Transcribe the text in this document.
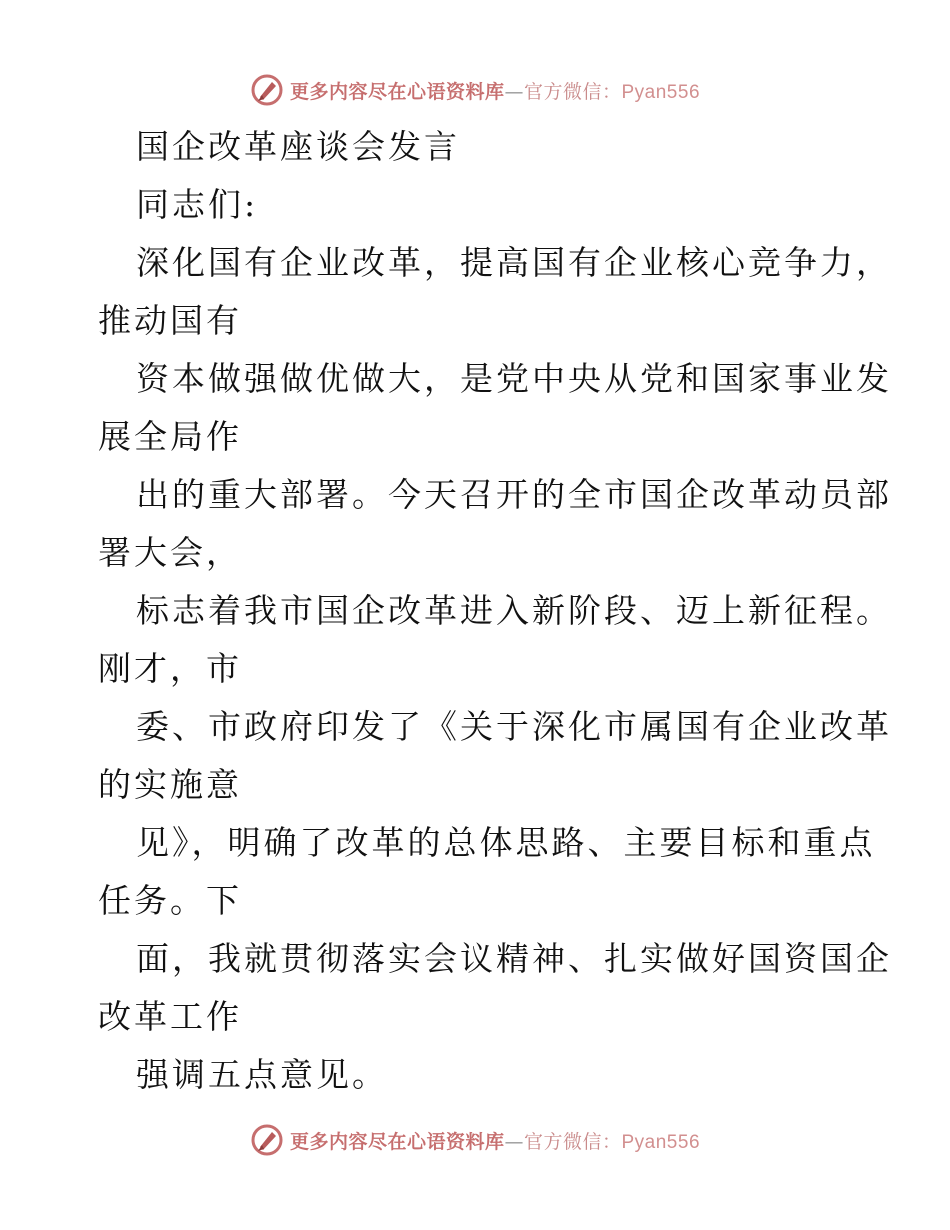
更多内容尽在心语资料库—官方微信：Pyan556
国企改革座谈会发言
同志们:
深化国有企业改革，提高国有企业核心竞争力，
推动国有
资本做强做优做大，是党中央从党和国家事业发
展全局作
出的重大部署。今天召开的全市国企改革动员部
署大会，
标志着我市国企改革进入新阶段、迈上新征程。
刚才，市
委、市政府印发了《关于深化市属国有企业改革
的实施意
见》，明确了改革的总体思路、主要目标和重点
任务。下
面，我就贯彻落实会议精神、扎实做好国资国企
改革工作
强调五点意见。
更多内容尽在心语资料库—官方微信：Pyan556
